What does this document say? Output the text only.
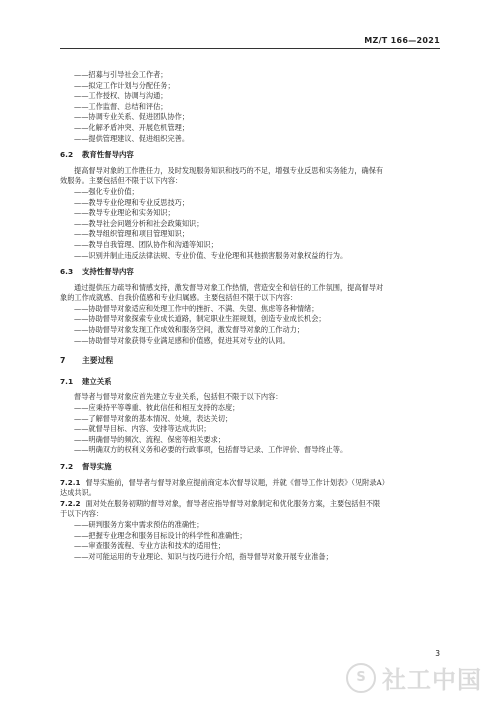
MZ/T 166—2021
——招募与引导社会工作者；
——拟定工作计划与分配任务；
——工作授权、协调与沟通；
——工作监督、总结和评估；
——协调专业关系、促进团队协作；
——化解矛盾冲突、开展危机管理；
——提供管理建议、促进组织完善。
6.2 教育性督导内容
提高督导对象的工作胜任力，及时发现服务知识和技巧的不足，增强专业反思和实务能力，确保有
效服务。主要包括但不限于以下内容：
——强化专业价值；
——教导专业伦理和专业反思技巧；
——教导专业理论和实务知识；
——教导社会问题分析和社会政策知识；
——教导组织管理和项目管理知识；
——教导自我管理、团队协作和沟通等知识；
——识别并制止违反法律法规、专业价值、专业伦理和其他损害服务对象权益的行为。
6.3 支持性督导内容
通过提供压力疏导和情感支持，激发督导对象工作热情，营造安全和信任的工作氛围，提高督导对
象的工作成就感、自我价值感和专业归属感。主要包括但不限于以下内容：
——协助督导对象适应和处理工作中的挫折、不满、失望、焦虑等各种情绪；
——协助督导对象探索专业成长道路，制定职业生涯规划，创造专业成长机会；
——协助督导对象发现工作成效和服务空间，激发督导对象的工作动力；
——协助督导对象获得专业满足感和价值感，促进其对专业的认同。
7 主要过程
7.1 建立关系
督导者与督导对象应首先建立专业关系，包括但不限于以下内容：
——应秉持平等尊重、彼此信任和相互支持的态度；
——了解督导对象的基本情况、处境，表达关切；
——就督导目标、内容、安排等达成共识；
——明确督导的频次、流程、保密等相关要求；
——明确双方的权利义务和必要的行政事项，包括督导记录、工作评价、督导终止等。
7.2 督导实施
7.2.1 督导实施前，督导者与督导对象应提前商定本次督导议题，并就《督导工作计划表》（见附录A）
达成共识。
7.2.2 面对处在服务初期的督导对象，督导者应指导督导对象制定和优化服务方案，主要包括但不限
于以下内容：
——研判服务方案中需求预估的准确性；
——把握专业理念和服务目标设计的科学性和准确性；
——审查服务流程、专业方法和技术的适用性；
——对可能运用的专业理论、知识与技巧进行介绍，指导督导对象开展专业准备；
3
S 社工中国
